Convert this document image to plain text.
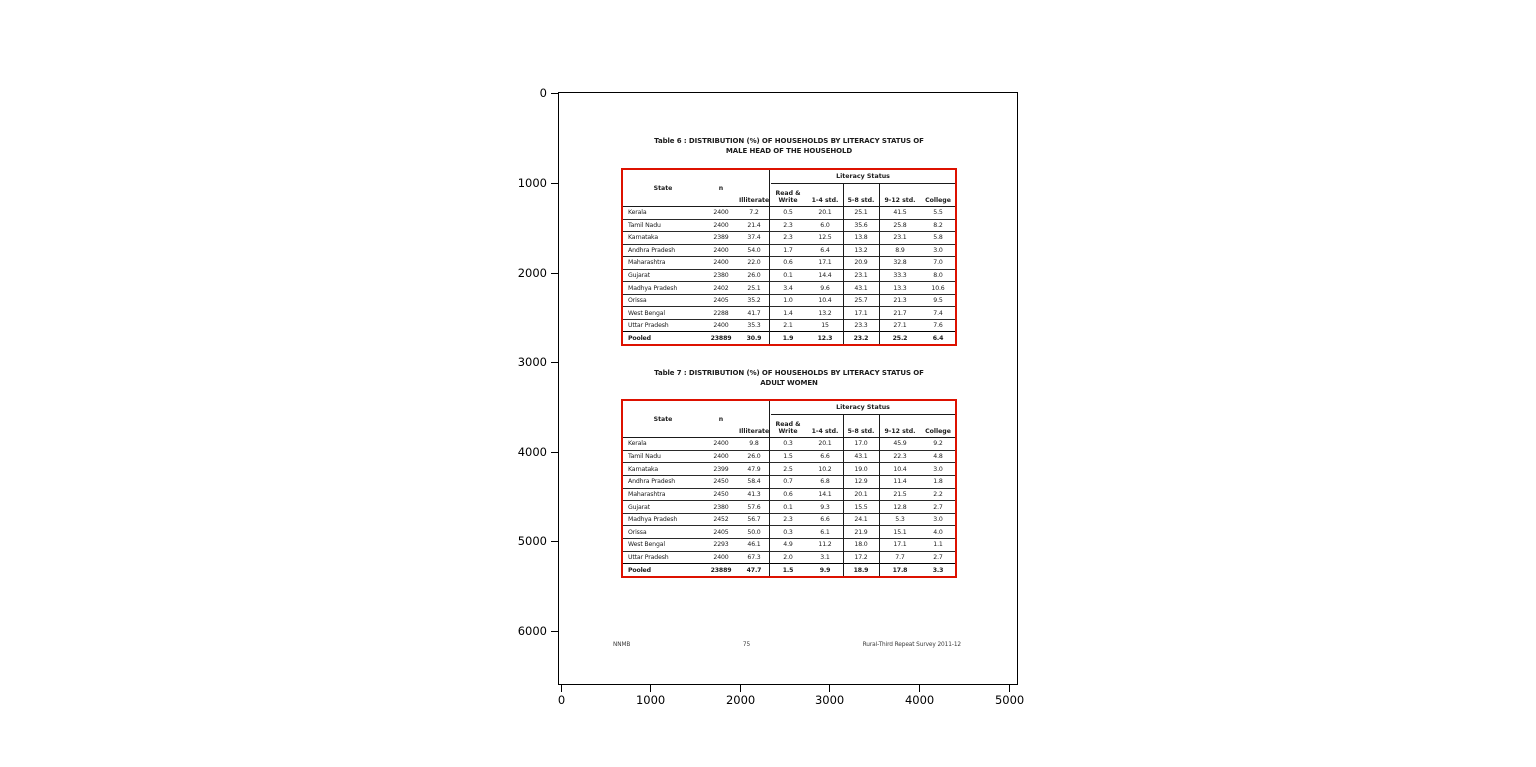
0
1000
2000
3000
4000
5000
6000
0	1000	2000	3000	4000	5000
Table 6 : DISTRIBUTION (%) OF HOUSEHOLDS BY LITERACY STATUS OF
MALE HEAD OF THE HOUSEHOLD
Literacy Status
State	n
Illiterate
Read & Write	1-4 std.	5-8 std.	9-12 std.	College
Kerala	2400	7.2	0.5	20.1	25.1	41.5	5.5
Tamil Nadu	2400	21.4	2.3	6.0	35.6	25.8	8.2
Karnataka	2389	37.4	2.3	12.5	13.8	23.1	5.8
Andhra Pradesh	2400	54.0	1.7	6.4	13.2	8.9	3.0
Maharashtra	2400	22.0	0.6	17.1	20.9	32.8	7.0
Gujarat	2380	26.0	0.1	14.4	23.1	33.3	8.0
Madhya Pradesh	2402	25.1	3.4	9.6	43.1	13.3	10.6
Orissa	2405	35.2	1.0	10.4	25.7	21.3	9.5
West Bengal	2288	41.7	1.4	13.2	17.1	21.7	7.4
Uttar Pradesh	2400	35.3	2.1	15	23.3	27.1	7.6
Pooled	23889	30.9	1.9	12.3	23.2	25.2	6.4
Table 7 : DISTRIBUTION (%) OF HOUSEHOLDS BY LITERACY STATUS OF
ADULT WOMEN
Literacy Status
State	n
Illiterate
Read & Write	1-4 std.	5-8 std.	9-12 std.	College
Kerala	2400	9.8	0.3	20.1	17.0	45.9	9.2
Tamil Nadu	2400	26.0	1.5	6.6	43.1	22.3	4.8
Karnataka	2399	47.9	2.5	10.2	19.0	10.4	3.0
Andhra Pradesh	2450	58.4	0.7	6.8	12.9	11.4	1.8
Maharashtra	2450	41.3	0.6	14.1	20.1	21.5	2.2
Gujarat	2380	57.6	0.1	9.3	15.5	12.8	2.7
Madhya Pradesh	2452	56.7	2.3	6.6	24.1	5.3	3.0
Orissa	2405	50.0	0.3	6.1	21.9	15.1	4.0
West Bengal	2293	46.1	4.9	11.2	18.0	17.1	1.1
Uttar Pradesh	2400	67.3	2.0	3.1	17.2	7.7	2.7
Pooled	23889	47.7	1.5	9.9	18.9	17.8	3.3
NNMB	75	Rural-Third Repeat Survey 2011-12
